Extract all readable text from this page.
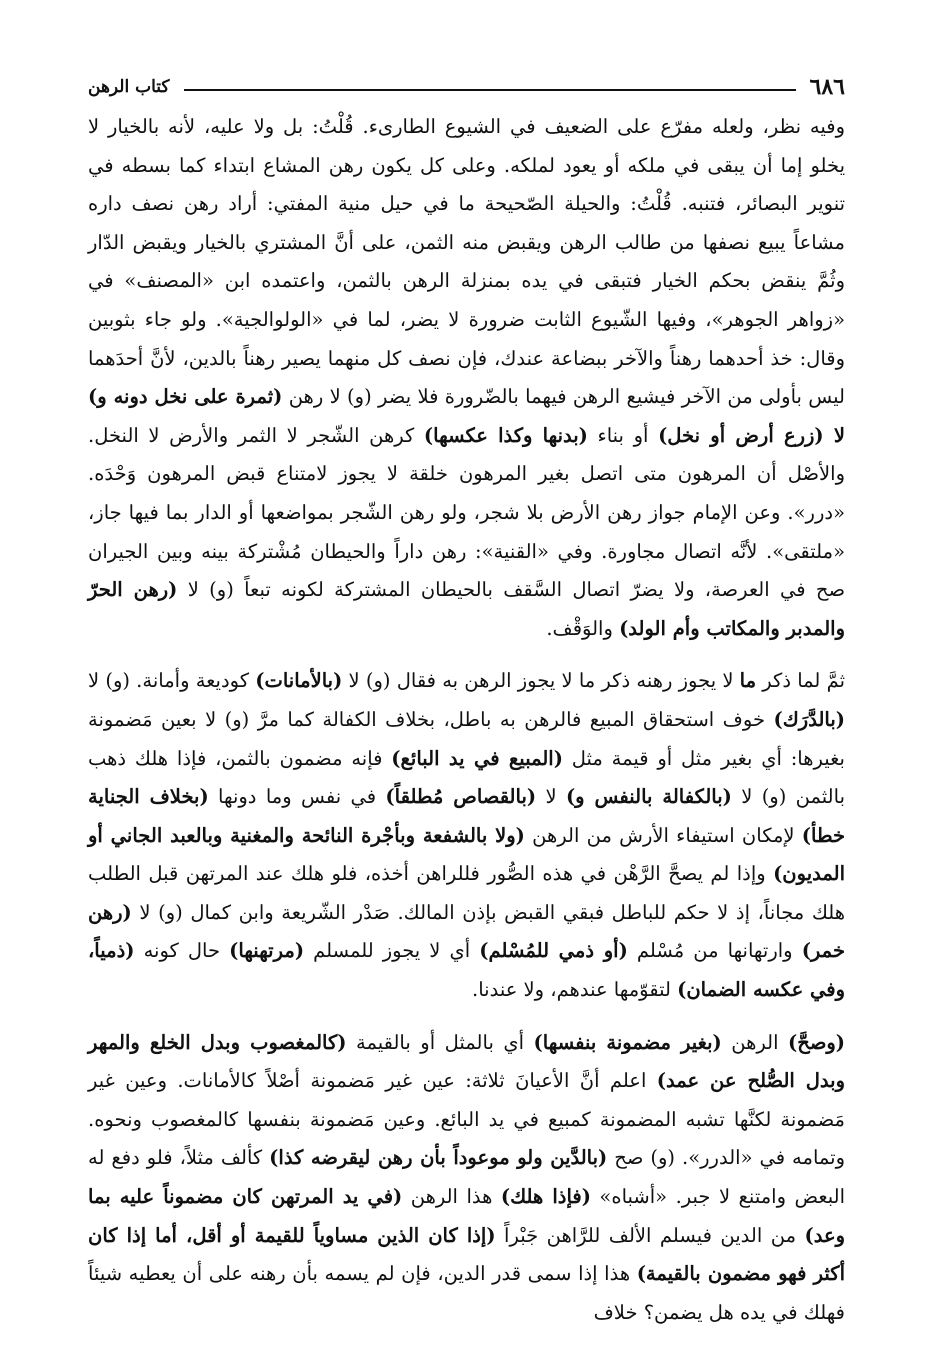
٦٨٦
كتاب الرهن

وفيه نظر، ولعله مفرّع على الضعيف في الشيوع الطارىء. قُلْتُ: بل ولا عليه، لأنه بالخيار لا يخلو إما أن يبقى في ملكه أو يعود لملكه. وعلى كل يكون رهن المشاع ابتداء كما بسطه في تنوير البصائر، فتنبه. قُلْتُ: والحيلة الصّحيحة ما في حيل منية المفتي: أراد رهن نصف داره مشاعاً يبيع نصفها من طالب الرهن ويقبض منه الثمن، على أنَّ المشتري بالخيار ويقبض الدّار وثُمَّ ينقض بحكم الخيار فتبقى في يده بمنزلة الرهن بالثمن، واعتمده ابن «المصنف» في «زواهر الجوهر»، وفيها الشّيوع الثابت ضرورة لا يضر، لما في «الولوالجية». ولو جاء بثوبين وقال: خذ أحدهما رهناً والآخر ببضاعة عندك، فإن نصف كل منهما يصير رهناً بالدين، لأنَّ أحدَهما ليس بأولى من الآخر فيشيع الرهن فيهما بالضّرورة فلا يضر (و) لا رهن (ثمرة على نخل دونه و) لا (زرع أرض أو نخل) أو بناء (بدنها وكذا عكسها) كرهن الشّجر لا الثمر والأرض لا النخل. والأصْل أن المرهون متى اتصل بغير المرهون خلقة لا يجوز لامتناع قبض المرهون وَحْدَه. «درر». وعن الإمام جواز رهن الأرض بلا شجر، ولو رهن الشّجر بمواضعها أو الدار بما فيها جاز، «ملتقى». لأنَّه اتصال مجاورة. وفي «القنية»: رهن داراً والحيطان مُشْتركة بينه وبين الجيران صح في العرصة، ولا يضرّ اتصال السَّقف بالحيطان المشتركة لكونه تبعاً (و) لا (رهن الحرّ والمدبر والمكاتب وأم الولد) والوَقْف.

ثمَّ لما ذكر ما لا يجوز رهنه ذكر ما لا يجوز الرهن به فقال (و) لا (بالأمانات) كوديعة وأمانة. (و) لا (بالدَّرَك) خوف استحقاق المبيع فالرهن به باطل، بخلاف الكفالة كما مرَّ (و) لا بعين مَضمونة بغيرها: أي بغير مثل أو قيمة مثل (المبيع في يد البائع) فإنه مضمون بالثمن، فإذا هلك ذهب بالثمن (و) لا (بالكفالة بالنفس و) لا (بالقصاص مُطلقاً) في نفس وما دونها (بخلاف الجناية خطأ) لإمكان استيفاء الأرش من الرهن (ولا بالشفعة وبأجْرة النائحة والمغنية وبالعبد الجاني أو المديون) وإذا لم يصحَّ الرَّهْن في هذه الصُّور فللراهن أخذه، فلو هلك عند المرتهن قبل الطلب هلك مجاناً، إذ لا حكم للباطل فبقي القبض بإذن المالك. صَدْر الشّريعة وابن كمال (و) لا (رهن خمر) وارتهانها من مُسْلم (أو ذمي للمُسْلم) أي لا يجوز للمسلم (مرتهنها) حال كونه (ذمياً، وفي عكسه الضمان) لتقوّمها عندهم، ولا عندنا.

(وصحَّ) الرهن (بغير مضمونة بنفسها) أي بالمثل أو بالقيمة (كالمغصوب وبدل الخلع والمهر وبدل الصُّلح عن عمد) اعلم أنَّ الأعيانَ ثلاثة: عين غير مَضمونة أصْلاً كالأمانات. وعين غير مَضمونة لكنَّها تشبه المضمونة كمبيع في يد البائع. وعين مَضمونة بنفسها كالمغصوب ونحوه. وتمامه في «الدرر». (و) صح (بالدَّين ولو موعوداً بأن رهن ليقرضه كذا) كألف مثلاً، فلو دفع له البعض وامتنع لا جبر. «أشباه» (فإذا هلك) هذا الرهن (في يد المرتهن كان مضموناً عليه بما وعد) من الدين فيسلم الألف للرَّاهن جَبْراً (إذا كان الذين مساوياً للقيمة أو أقل، أما إذا كان أكثر فهو مضمون بالقيمة) هذا إذا سمى قدر الدين، فإن لم يسمه بأن رهنه على أن يعطيه شيئاً فهلك في يده هل يضمن؟ خلاف
